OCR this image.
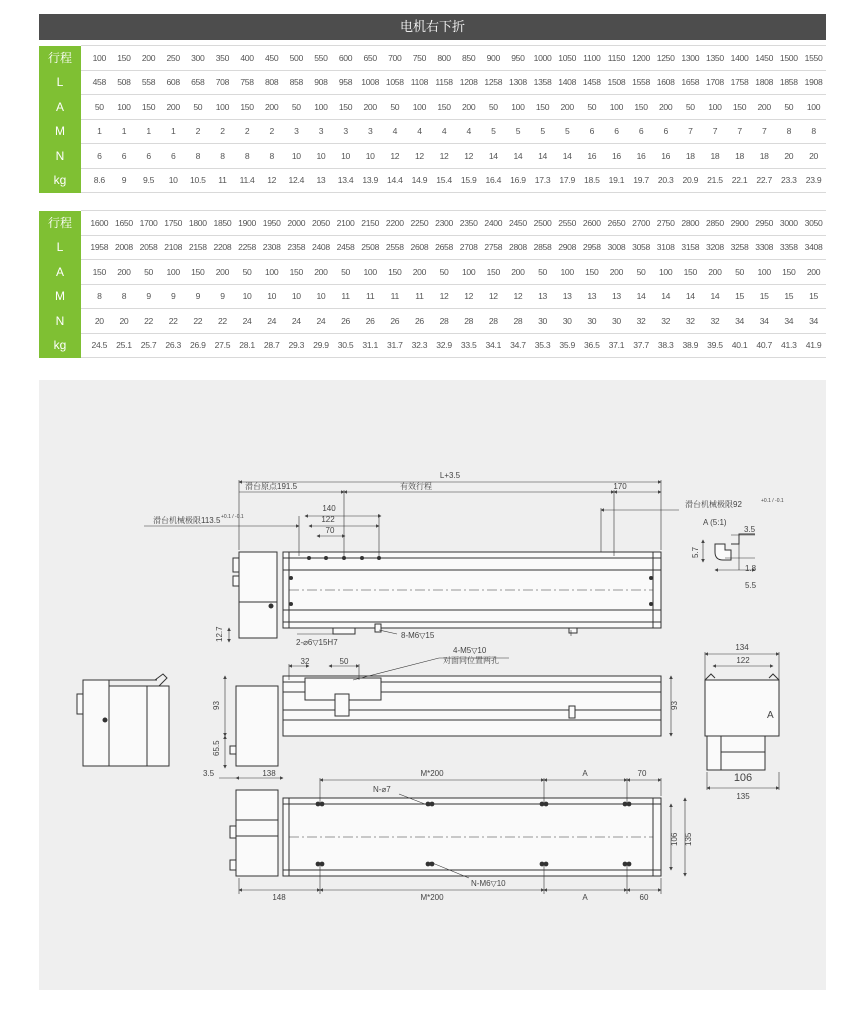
电机右下折
行程		100	150	200	250	300	350	400	450	500	550	600	650	700	750	800	850	900	950	1000	1050	1100	1150	1200	1250	1300	1350	1400	1450	1500	1550
L		458	508	558	608	658	708	758	808	858	908	958	1008	1058	1108	1158	1208	1258	1308	1358	1408	1458	1508	1558	1608	1658	1708	1758	1808	1858	1908
A		50	100	150	200	50	100	150	200	50	100	150	200	50	100	150	200	50	100	150	200	50	100	150	200	50	100	150	200	50	100
M		1	1	1	1	2	2	2	2	3	3	3	3	4	4	4	4	5	5	5	5	6	6	6	6	7	7	7	7	8	8
N		6	6	6	6	8	8	8	8	10	10	10	10	12	12	12	12	14	14	14	14	16	16	16	16	18	18	18	18	20	20
kg		8.6	9	9.5	10	10.5	11	11.4	12	12.4	13	13.4	13.9	14.4	14.9	15.4	15.9	16.4	16.9	17.3	17.9	18.5	19.1	19.7	20.3	20.9	21.5	22.1	22.7	23.3	23.9
行程		1600	1650	1700	1750	1800	1850	1900	1950	2000	2050	2100	2150	2200	2250	2300	2350	2400	2450	2500	2550	2600	2650	2700	2750	2800	2850	2900	2950	3000	3050
L		1958	2008	2058	2108	2158	2208	2258	2308	2358	2408	2458	2508	2558	2608	2658	2708	2758	2808	2858	2908	2958	3008	3058	3108	3158	3208	3258	3308	3358	3408
A		150	200	50	100	150	200	50	100	150	200	50	100	150	200	50	100	150	200	50	100	150	200	50	100	150	200	50	100	150	200
M		8	8	9	9	9	9	10	10	10	10	11	11	11	11	12	12	12	12	13	13	13	13	14	14	14	14	15	15	15	15
N		20	20	22	22	22	22	24	24	24	24	26	26	26	26	28	28	28	28	30	30	30	30	32	32	32	32	34	34	34	34
kg		24.5	25.1	25.7	26.3	26.9	27.5	28.1	28.7	29.3	29.9	30.5	31.1	31.7	32.3	32.9	33.5	34.1	34.7	35.3	35.9	36.5	37.1	37.7	38.3	38.9	39.5	40.1	40.7	41.3	41.9
L+3.5
滑台原点191.5	有效行程	170
滑台机械极限92	+0.1 / -0.1
滑台机械极限113.5 +0.1 / -0.1
140
122
70
12.7
2-⌀6▽15H7
8-M6▽15
A (5:1)
3.5
5.7
1.8
5.5
32	50
4-M5▽10
对面同位置两孔
93
65.5
93
3.5	138
134
122
106
135
A
M*200	A	70
N-⌀7
N-M6▽10
148	M*200	A	60
106 135
